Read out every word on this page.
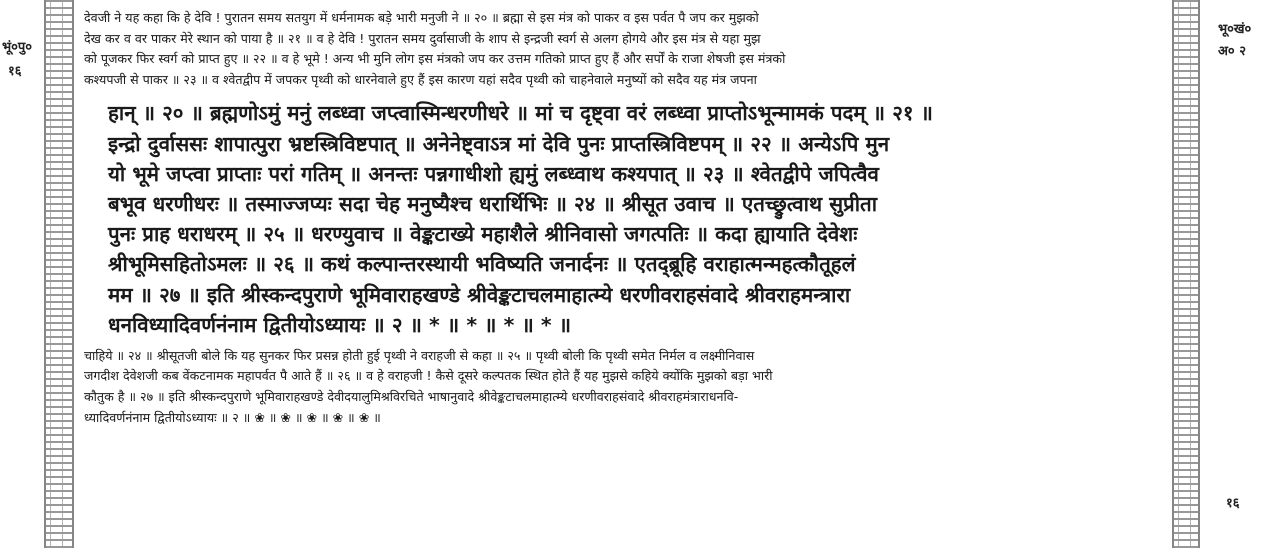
भूं०पु०
१६
देवजी ने यह कहा कि हे देवि ! पुरातन समय सतयुग में धर्मनामक बड़े भारी मनुजी ने ॥ २० ॥ ब्रह्मा से इस मंत्र को पाकर व इस पर्वत पै जप कर मुझको
देख कर व वर पाकर मेरे स्थान को पाया है ॥ २१ ॥ व हे देवि ! पुरातन समय दुर्वासाजी के शाप से इन्द्रजी स्वर्ग से अलग होगये और इस मंत्र से यहा मुझ
को पूजकर फिर स्वर्ग को प्राप्त हुए ॥ २२ ॥ व हे भूमे ! अन्य भी मुनि लोग इस मंत्रको जप कर उत्तम गतिको प्राप्त हुए हैं और सर्पों के राजा शेषजी इस मंत्रको
कश्यपजी से पाकर ॥ २३ ॥ व श्वेतद्वीप में जपकर पृथ्वी को धारनेवाले हुए हैं इस कारण यहां सदैव पृथ्वी को चाहनेवाले मनुष्यों को सदैव यह मंत्र जपना
हान् ॥ २० ॥ ब्रह्मणोऽमुं मनुं लब्ध्वा जप्त्वास्मिन्धरणीधरे ॥ मां च दृष्ट्वा वरं लब्ध्वा प्राप्तोऽभून्मामकं पदम् ॥ २१ ॥
इन्द्रो दुर्वाससः शापात्पुरा भ्रष्टस्त्रिविष्टपात् ॥ अनेनेष्ट्वाऽत्र मां देवि पुनः प्राप्तस्त्रिविष्टपम् ॥ २२ ॥ अन्येऽपि मुन
यो भूमे जप्त्वा प्राप्ताः परां गतिम् ॥ अनन्तः पन्नगाधीशो ह्यमुं लब्ध्वाथ कश्यपात् ॥ २३ ॥ श्वेतद्वीपे जपित्वैव
बभूव धरणीधरः ॥ तस्माज्जप्यः सदा चेह मनुष्यैश्च धरार्थिभिः ॥ २४ ॥ श्रीसूत उवाच ॥ एतच्छ्रुत्वाथ सुप्रीता
पुनः प्राह धराधरम् ॥ २५ ॥ धरण्युवाच ॥ वेङ्कटाख्ये महाशैले श्रीनिवासो जगत्पतिः ॥ कदा ह्यायाति देवेशः
श्रीभूमिसहितोऽमलः ॥ २६ ॥ कथं कल्पान्तरस्थायी भविष्यति जनार्दनः ॥ एतद्ब्रूहि वराहात्मन्महत्कौतूहलं
मम ॥ २७ ॥ इति श्रीस्कन्दपुराणे भूमिवाराहखण्डे श्रीवेङ्कटाचलमाहात्म्ये धरणीवराहसंवादे श्रीवराहमन्त्रारा
धनविध्यादिवर्णनंनाम द्वितीयोऽध्यायः ॥ २ ॥ * ॥ * ॥ * ॥ * ॥
चाहिये ॥ २४ ॥ श्रीसूतजी बोले कि यह सुनकर फिर प्रसन्न होती हुई पृथ्वी ने वराहजी से कहा ॥ २५ ॥ पृथ्वी बोली कि पृथ्वी समेत निर्मल व लक्ष्मीनिवास
जगदीश देवेशजी कब वेंकटनामक महापर्वत पै आते हैं ॥ २६ ॥ व हे वराहजी ! कैसे दूसरे कल्पतक स्थित होते हैं यह मुझसे कहिये क्योंकि मुझको बड़ा भारी
कौतुक है ॥ २७ ॥ इति श्रीस्कन्दपुराणे भूमिवाराहखण्डे देवीदयालुमिश्रविरचिते भाषानुवादे श्रीवेङ्कटाचलमाहात्म्ये धरणीवराहसंवादे श्रीवराहमंत्राराधनवि-
ध्यादिवर्णनंनाम द्वितीयोऽध्यायः ॥ २ ॥ ❀ ॥ ❀ ॥ ❀ ॥ ❀ ॥ ❀ ॥
भू०खं०
अ० २
१६
